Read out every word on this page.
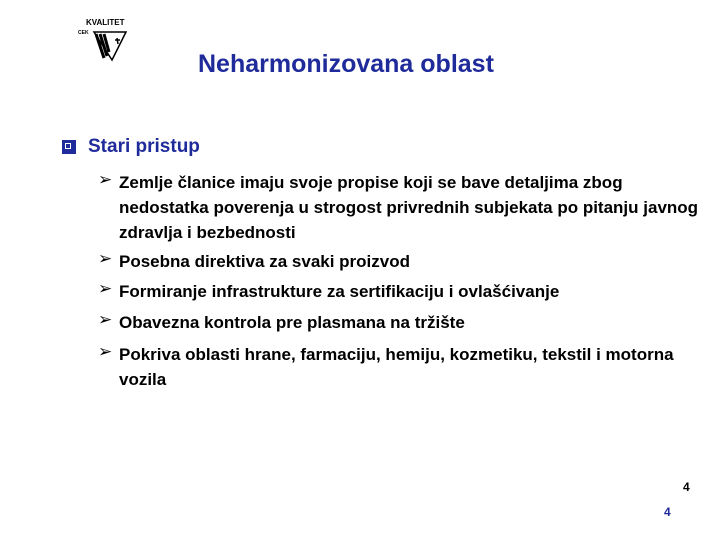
KVALITET
CEK
Neharmonizovana oblast
Stari pristup
➢ Zemlje članice imaju svoje propise koji se bave detaljima zbog nedostatka poverenja u strogost privrednih subjekata po pitanju javnog zdravlja i bezbednosti
➢ Posebna direktiva za svaki proizvod
➢ Formiranje infrastrukture za sertifikaciju i ovlašćivanje
➢ Obavezna kontrola pre plasmana na tržište
➢ Pokriva oblasti hrane, farmaciju, hemiju, kozmetiku, tekstil i motorna vozila
4
4
